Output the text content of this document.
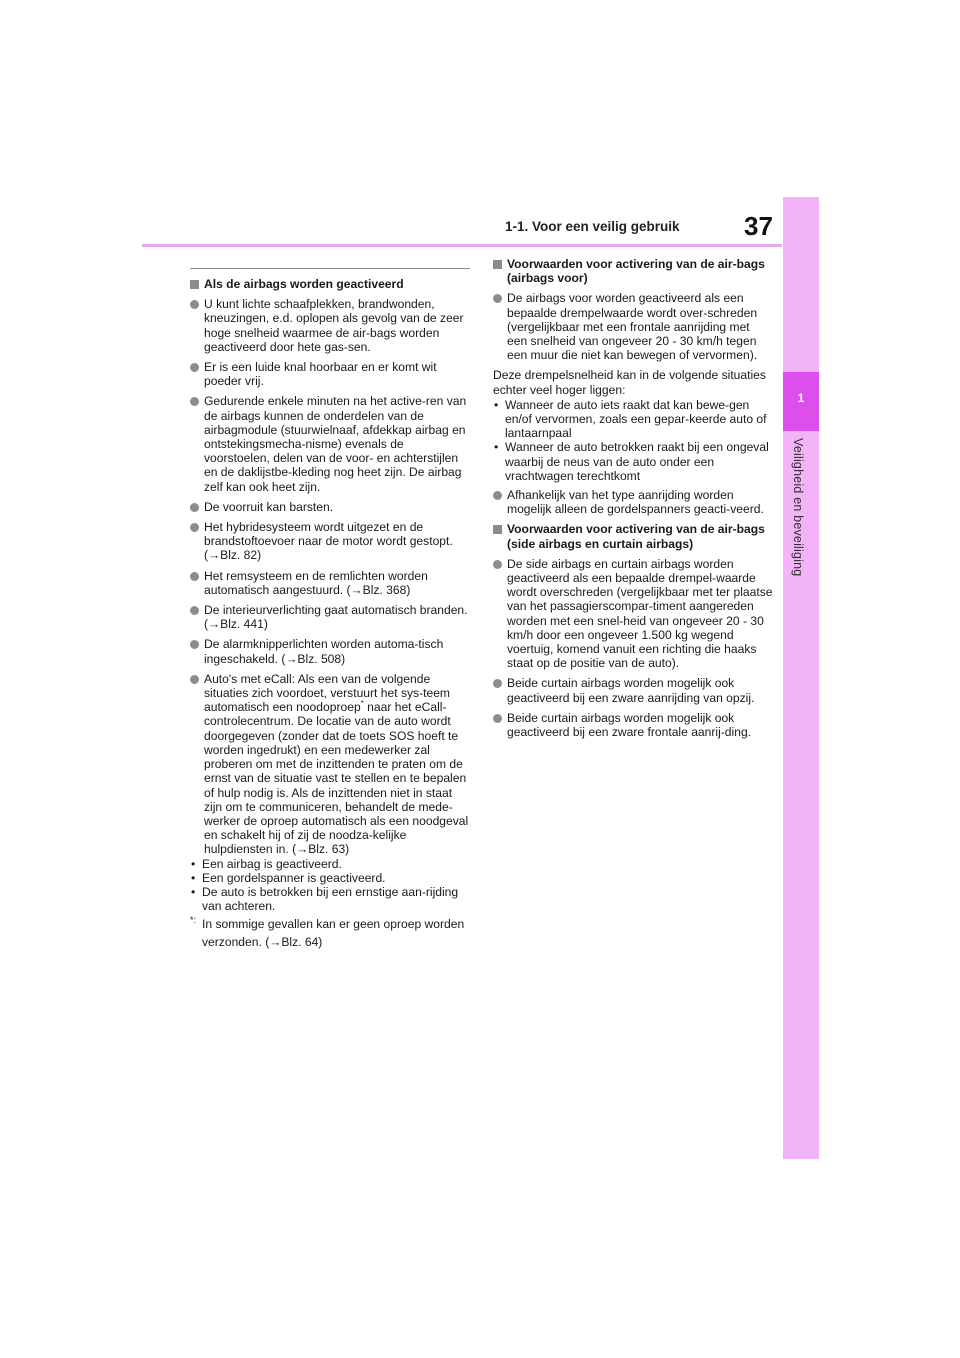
1-1. Voor een veilig gebruik 37
1
Veiligheid en beveiliging
Als de airbags worden geactiveerd
U kunt lichte schaafplekken, brandwonden, kneuzingen, e.d. oplopen als gevolg van de zeer hoge snelheid waarmee de air-bags worden geactiveerd door hete gas-sen.
Er is een luide knal hoorbaar en er komt wit poeder vrij.
Gedurende enkele minuten na het active-ren van de airbags kunnen de onderdelen van de airbagmodule (stuurwielnaaf, afdekkap airbag en ontstekingsmecha-nisme) evenals de voorstoelen, delen van de voor- en achterstijlen en de daklijstbe-kleding nog heet zijn. De airbag zelf kan ook heet zijn.
De voorruit kan barsten.
Het hybridesysteem wordt uitgezet en de brandstoftoevoer naar de motor wordt gestopt. (→Blz. 82)
Het remsysteem en de remlichten worden automatisch aangestuurd. (→Blz. 368)
De interieurverlichting gaat automatisch branden. (→Blz. 441)
De alarmknipperlichten worden automa-tisch ingeschakeld. (→Blz. 508)
Auto's met eCall: Als een van de volgende situaties zich voordoet, verstuurt het sys-teem automatisch een noodoproep* naar het eCall-controlecentrum. De locatie van de auto wordt doorgegeven (zonder dat de toets SOS hoeft te worden ingedrukt) en een medewerker zal proberen om met de inzittenden te praten om de ernst van de situatie vast te stellen en te bepalen of hulp nodig is. Als de inzittenden niet in staat zijn om te communiceren, behandelt de mede-werker de oproep automatisch als een noodgeval en schakelt hij of zij de noodza-kelijke hulpdiensten in. (→Blz. 63)
• Een airbag is geactiveerd.
• Een gordelspanner is geactiveerd.
• De auto is betrokken bij een ernstige aan-rijding van achteren.
*: In sommige gevallen kan er geen oproep worden verzonden. (→Blz. 64)
Voorwaarden voor activering van de air-bags (airbags voor)
De airbags voor worden geactiveerd als een bepaalde drempelwaarde wordt over-schreden (vergelijkbaar met een frontale aanrijding met een snelheid van ongeveer 20 - 30 km/h tegen een muur die niet kan bewegen of vervormen).
Deze drempelsnelheid kan in de volgende situaties echter veel hoger liggen:
• Wanneer de auto iets raakt dat kan bewe-gen en/of vervormen, zoals een gepar-keerde auto of lantaarnpaal
• Wanneer de auto betrokken raakt bij een ongeval waarbij de neus van de auto onder een vrachtwagen terechtkomt
Afhankelijk van het type aanrijding worden mogelijk alleen de gordelspanners geacti-veerd.
Voorwaarden voor activering van de air-bags (side airbags en curtain airbags)
De side airbags en curtain airbags worden geactiveerd als een bepaalde drempel-waarde wordt overschreden (vergelijkbaar met ter plaatse van het passagierscompar-timent aangereden worden met een snel-heid van ongeveer 20 - 30 km/h door een ongeveer 1.500 kg wegend voertuig, komend vanuit een richting die haaks staat op de positie van de auto).
Beide curtain airbags worden mogelijk ook geactiveerd bij een zware aanrijding van opzij.
Beide curtain airbags worden mogelijk ook geactiveerd bij een zware frontale aanrij-ding.
